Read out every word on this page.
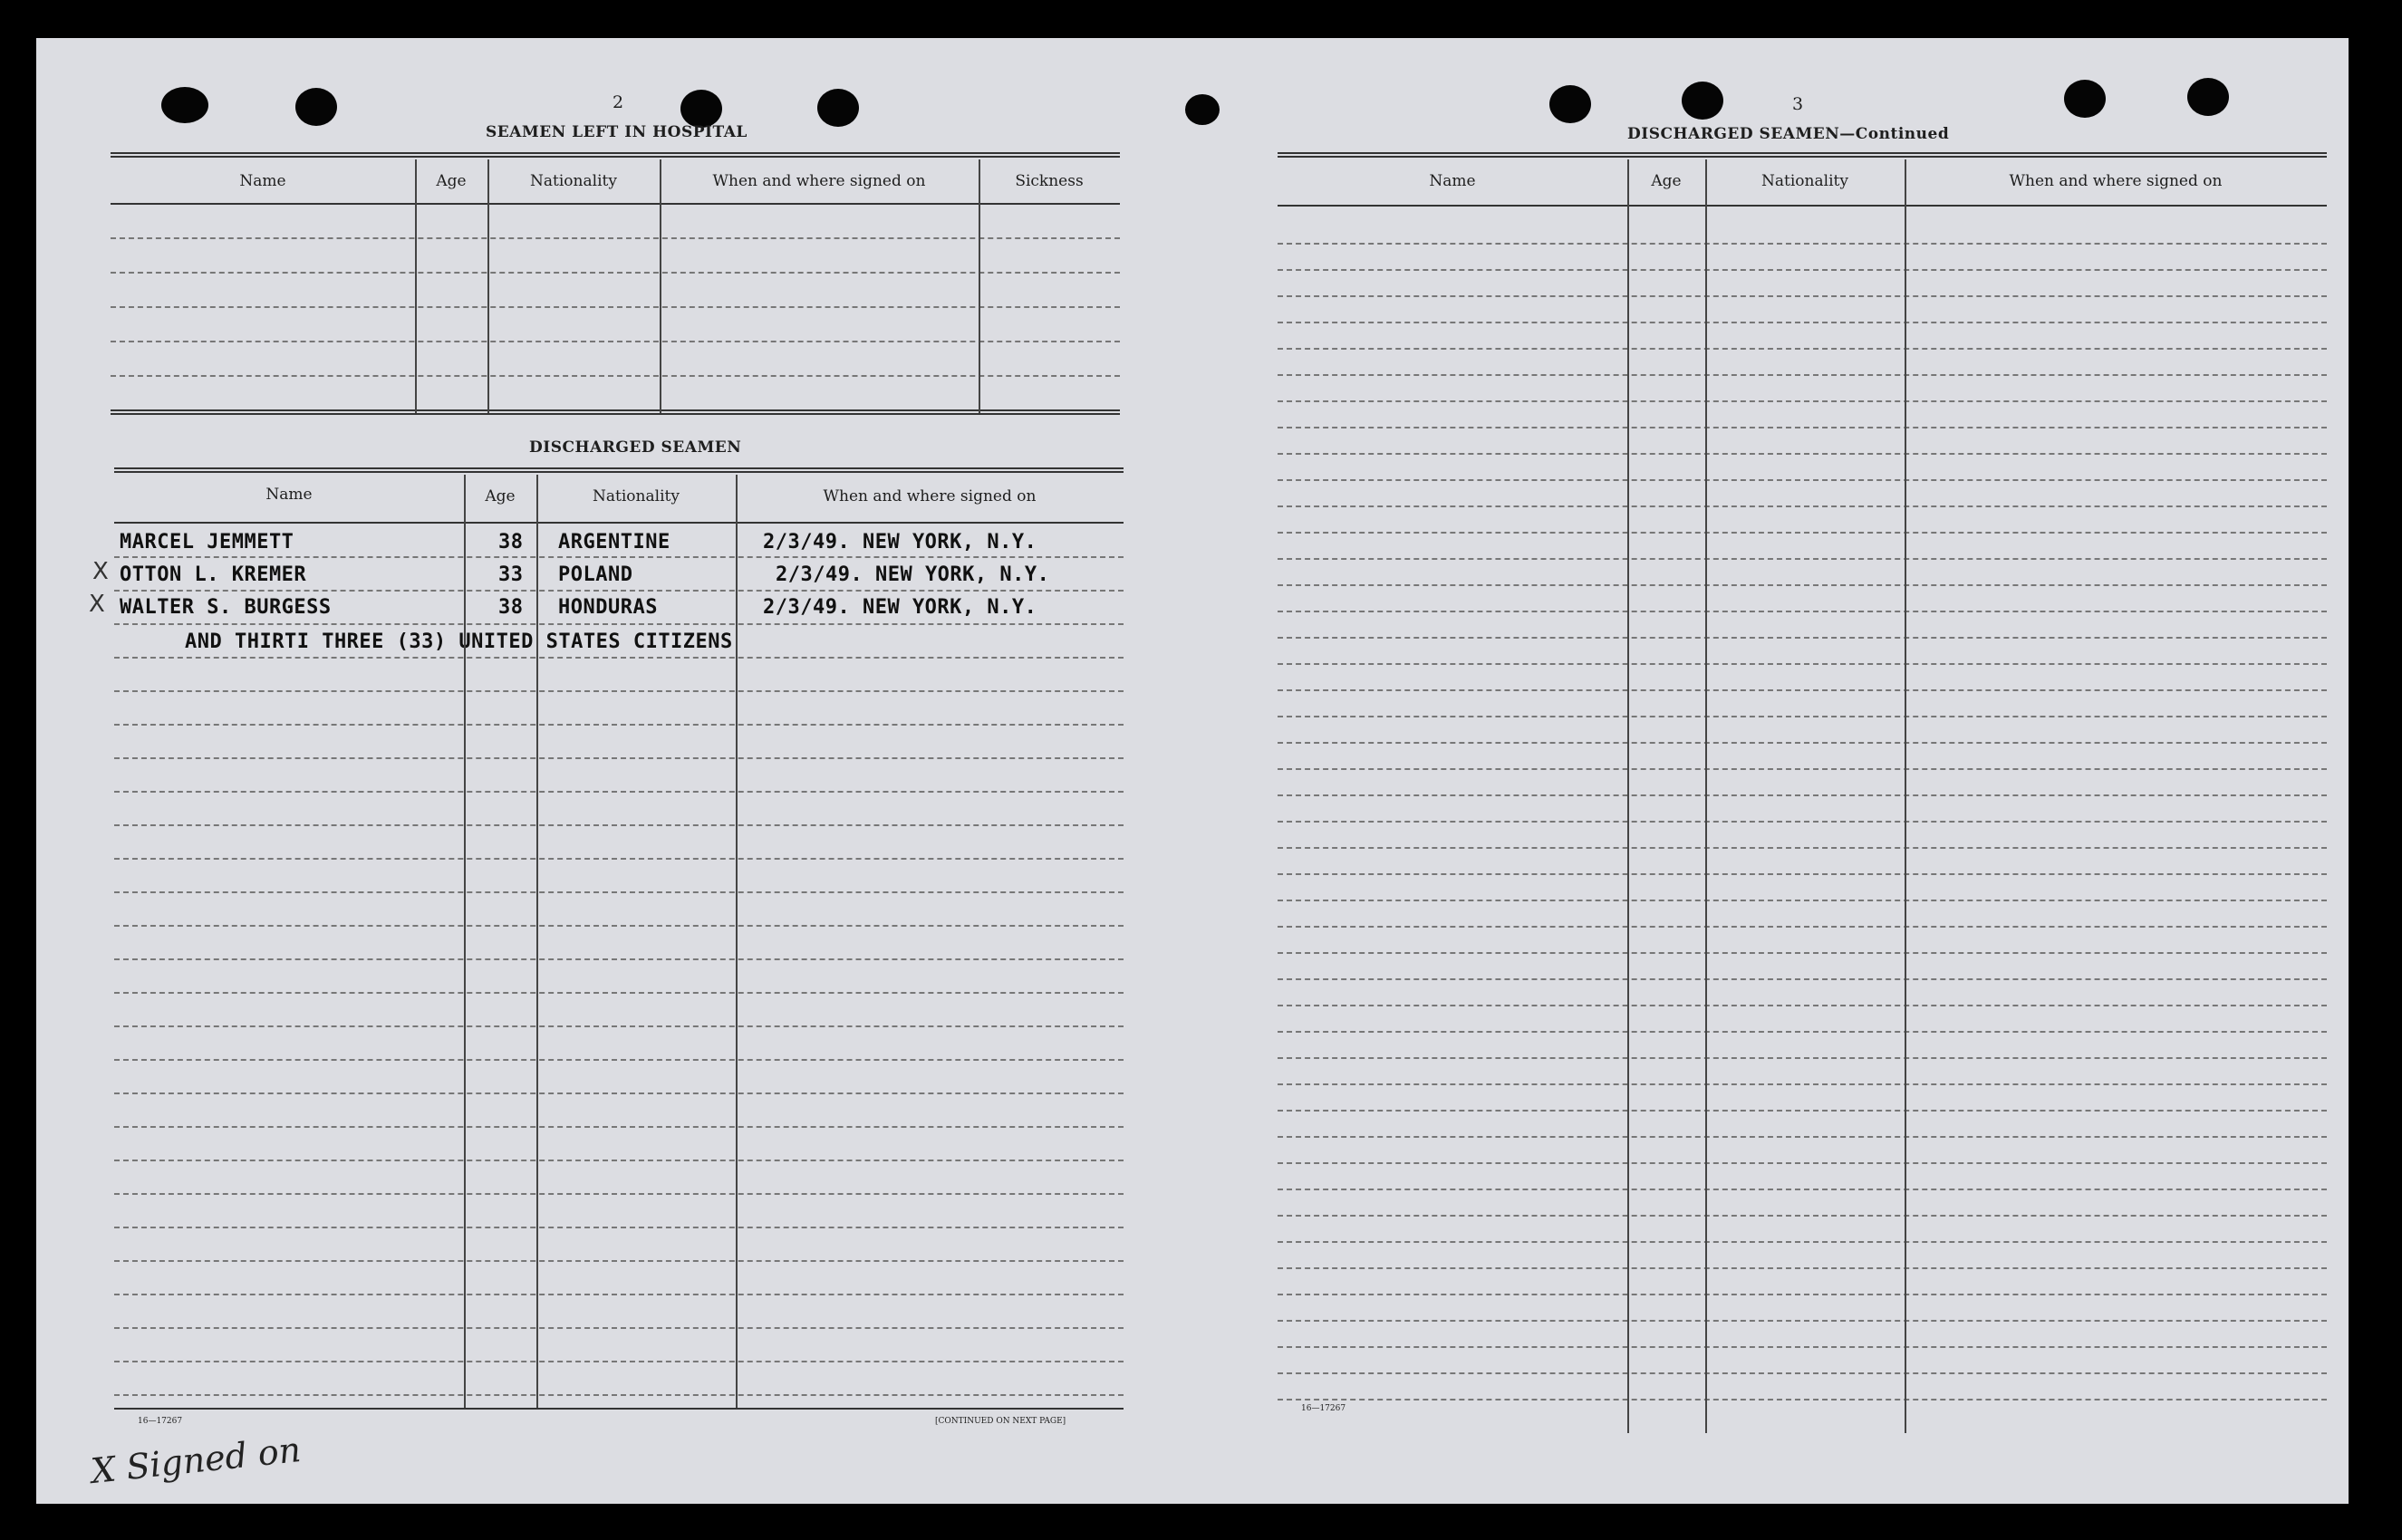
2
SEAMEN LEFT IN HOSPITAL
Name	Age	Nationality	When and where signed on	Sickness
DISCHARGED SEAMEN
Name	Age	Nationality	When and where signed on
MARCEL JEMMETT	38 ARGENTINE	2/3/49. NEW YORK, N.Y.
X OTTON L. KREMER	33 POLAND	2/3/49. NEW YORK, N.Y.
X WALTER S. BURGESS	38 HONDURAS	2/3/49. NEW YORK, N.Y.
AND THIRTI THREE (33) UNITED STATES CITIZENS
16—17267	[CONTINUED ON NEXT PAGE]
X Signed on
3
DISCHARGED SEAMEN—Continued
Name	Age	Nationality	When and where signed on
16—17267
